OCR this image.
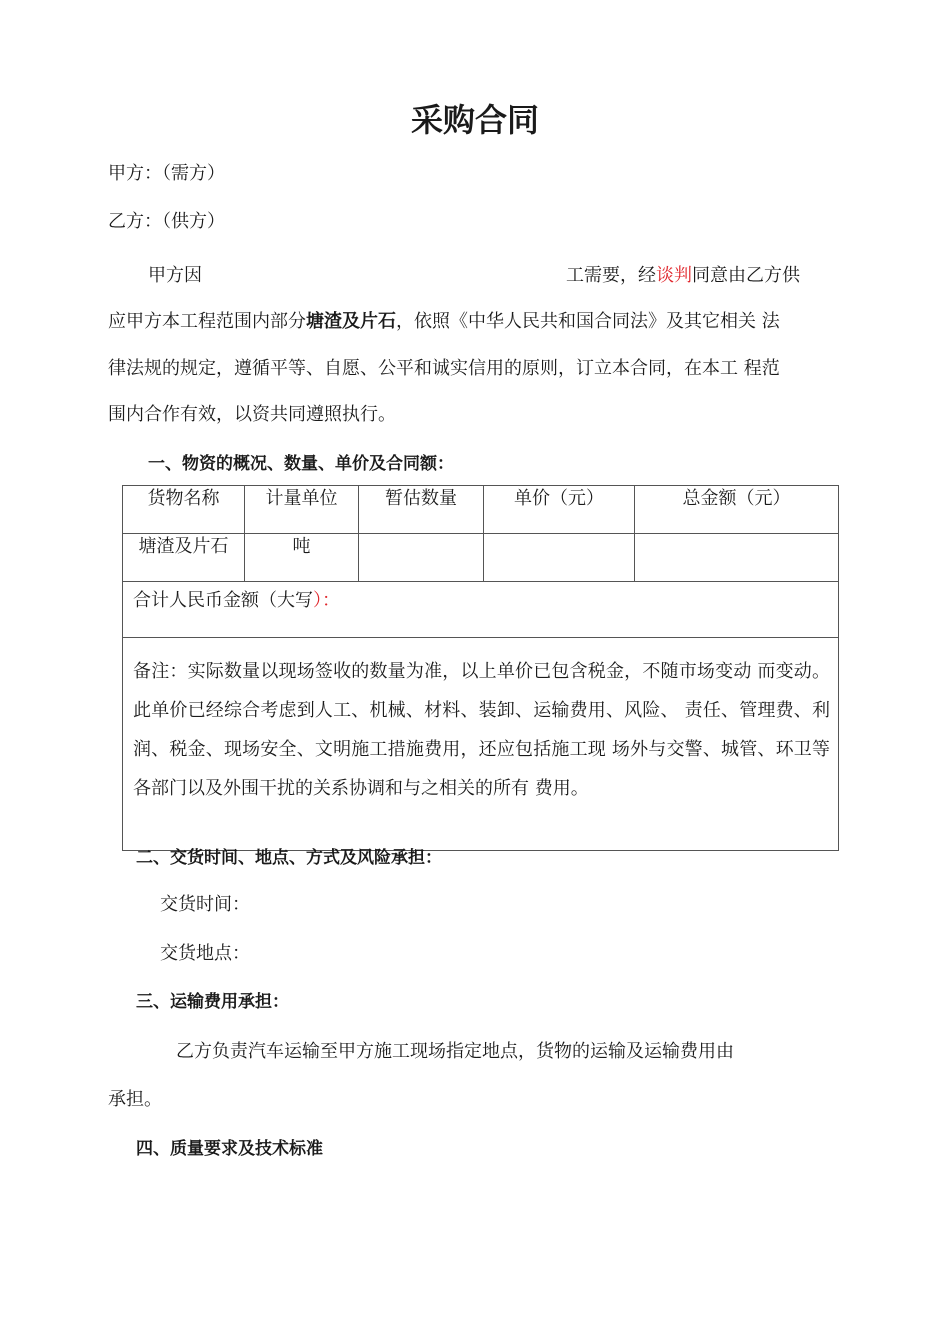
采购合同
甲方：（需方）
乙方：（供方）
甲方因	工需要，经谈判同意由乙方供
应甲方本工程范围内部分塘渣及片石，依照《中华人民共和国合同法》及其它相关 法
律法规的规定，遵循平等、自愿、公平和诚实信用的原则，订立本合同，在本工 程范
围内合作有效，以资共同遵照执行。
一、物资的概况、数量、单价及合同额：
货物名称	计量单位	暂估数量	单价（元）	总金额（元）
塘渣及片石	吨			
合计人民币金额（大写）：				
备注：实际数量以现场签收的数量为准，以上单价已包含税金，不随市场变动 而变动。此单价已经综合考虑到人工、机械、材料、装卸、运输费用、风险、 责任、管理费、利润、税金、现场安全、文明施工措施费用，还应包括施工现 场外与交警、城管、环卫等各部门以及外围干扰的关系协调和与之相关的所有 费用。				
二、交货时间、地点、方式及风险承担：
交货时间：
交货地点：
三、运输费用承担：
乙方负责汽车运输至甲方施工现场指定地点，货物的运输及运输费用由
承担。
四、质量要求及技术标准
